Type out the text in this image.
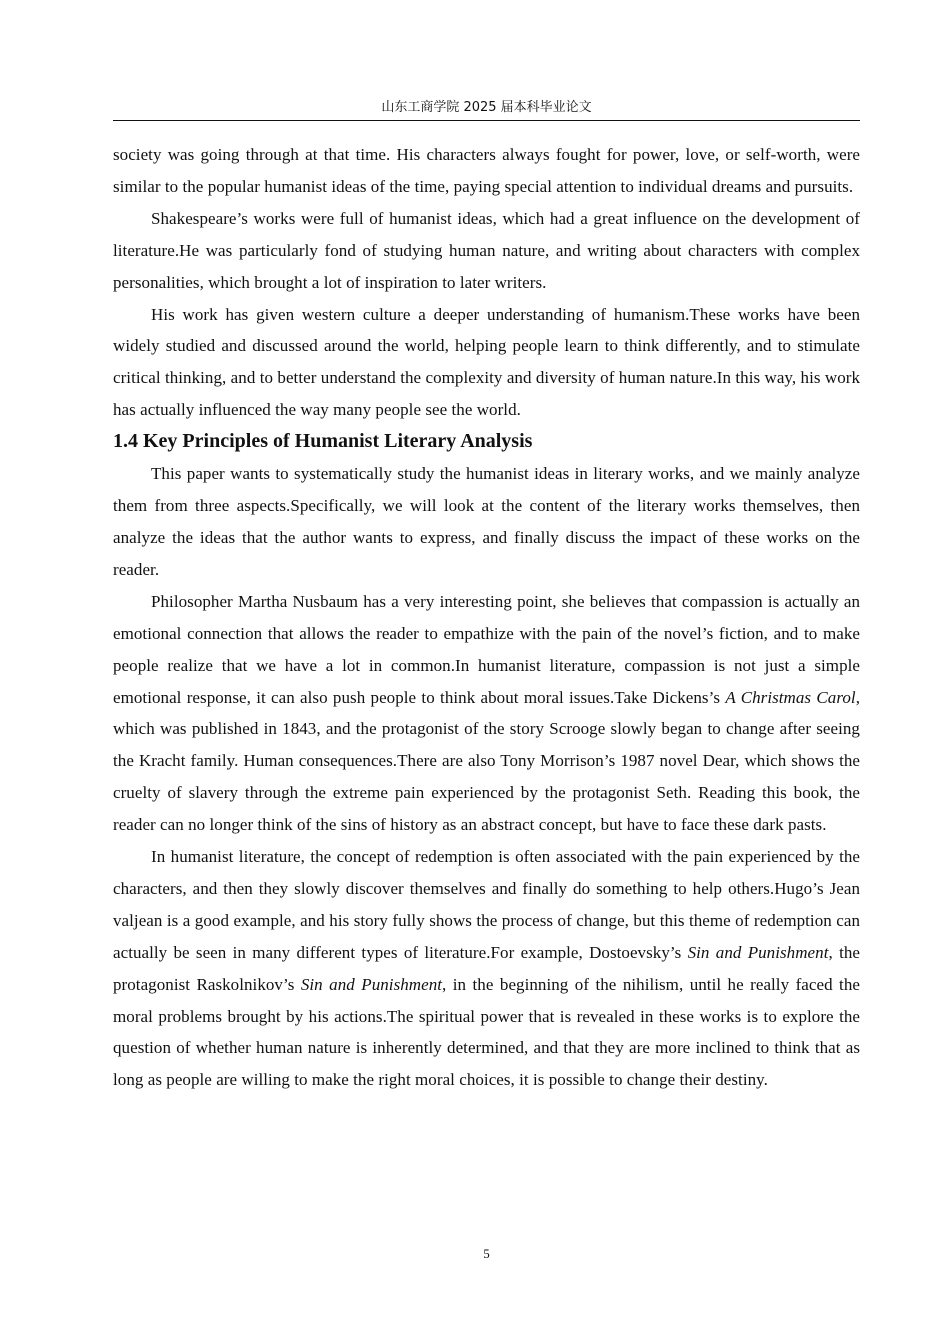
山东工商学院 2025 届本科毕业论文

society was going through at that time. His characters always fought for power, love, or self-worth, were similar to the popular humanist ideas of the time, paying special attention to individual dreams and pursuits.

Shakespeare’s works were full of humanist ideas, which had a great influence on the development of literature.He was particularly fond of studying human nature, and writing about characters with complex personalities, which brought a lot of inspiration to later writers.

His work has given western culture a deeper understanding of humanism.These works have been widely studied and discussed around the world, helping people learn to think differently, and to stimulate critical thinking, and to better understand the complexity and diversity of human nature.In this way, his work has actually influenced the way many people see the world.

1.4 Key Principles of Humanist Literary Analysis

This paper wants to systematically study the humanist ideas in literary works, and we mainly analyze them from three aspects.Specifically, we will look at the content of the literary works themselves, then analyze the ideas that the author wants to express, and finally discuss the impact of these works on the reader.

Philosopher Martha Nusbaum has a very interesting point, she believes that compassion is actually an emotional connection that allows the reader to empathize with the pain of the novel’s fiction, and to make people realize that we have a lot in common.In humanist literature, compassion is not just a simple emotional response, it can also push people to think about moral issues.Take Dickens’s A Christmas Carol, which was published in 1843, and the protagonist of the story Scrooge slowly began to change after seeing the Kracht family. Human consequences.There are also Tony Morrison’s 1987 novel Dear, which shows the cruelty of slavery through the extreme pain experienced by the protagonist Seth. Reading this book, the reader can no longer think of the sins of history as an abstract concept, but have to face these dark pasts.

In humanist literature, the concept of redemption is often associated with the pain experienced by the characters, and then they slowly discover themselves and finally do something to help others.Hugo’s Jean valjean is a good example, and his story fully shows the process of change, but this theme of redemption can actually be seen in many different types of literature.For example, Dostoevsky’s Sin and Punishment, the protagonist Raskolnikov’s Sin and Punishment, in the beginning of the nihilism, until he really faced the moral problems brought by his actions.The spiritual power that is revealed in these works is to explore the question of whether human nature is inherently determined, and that they are more inclined to think that as long as people are willing to make the right moral choices, it is possible to change their destiny.

5
